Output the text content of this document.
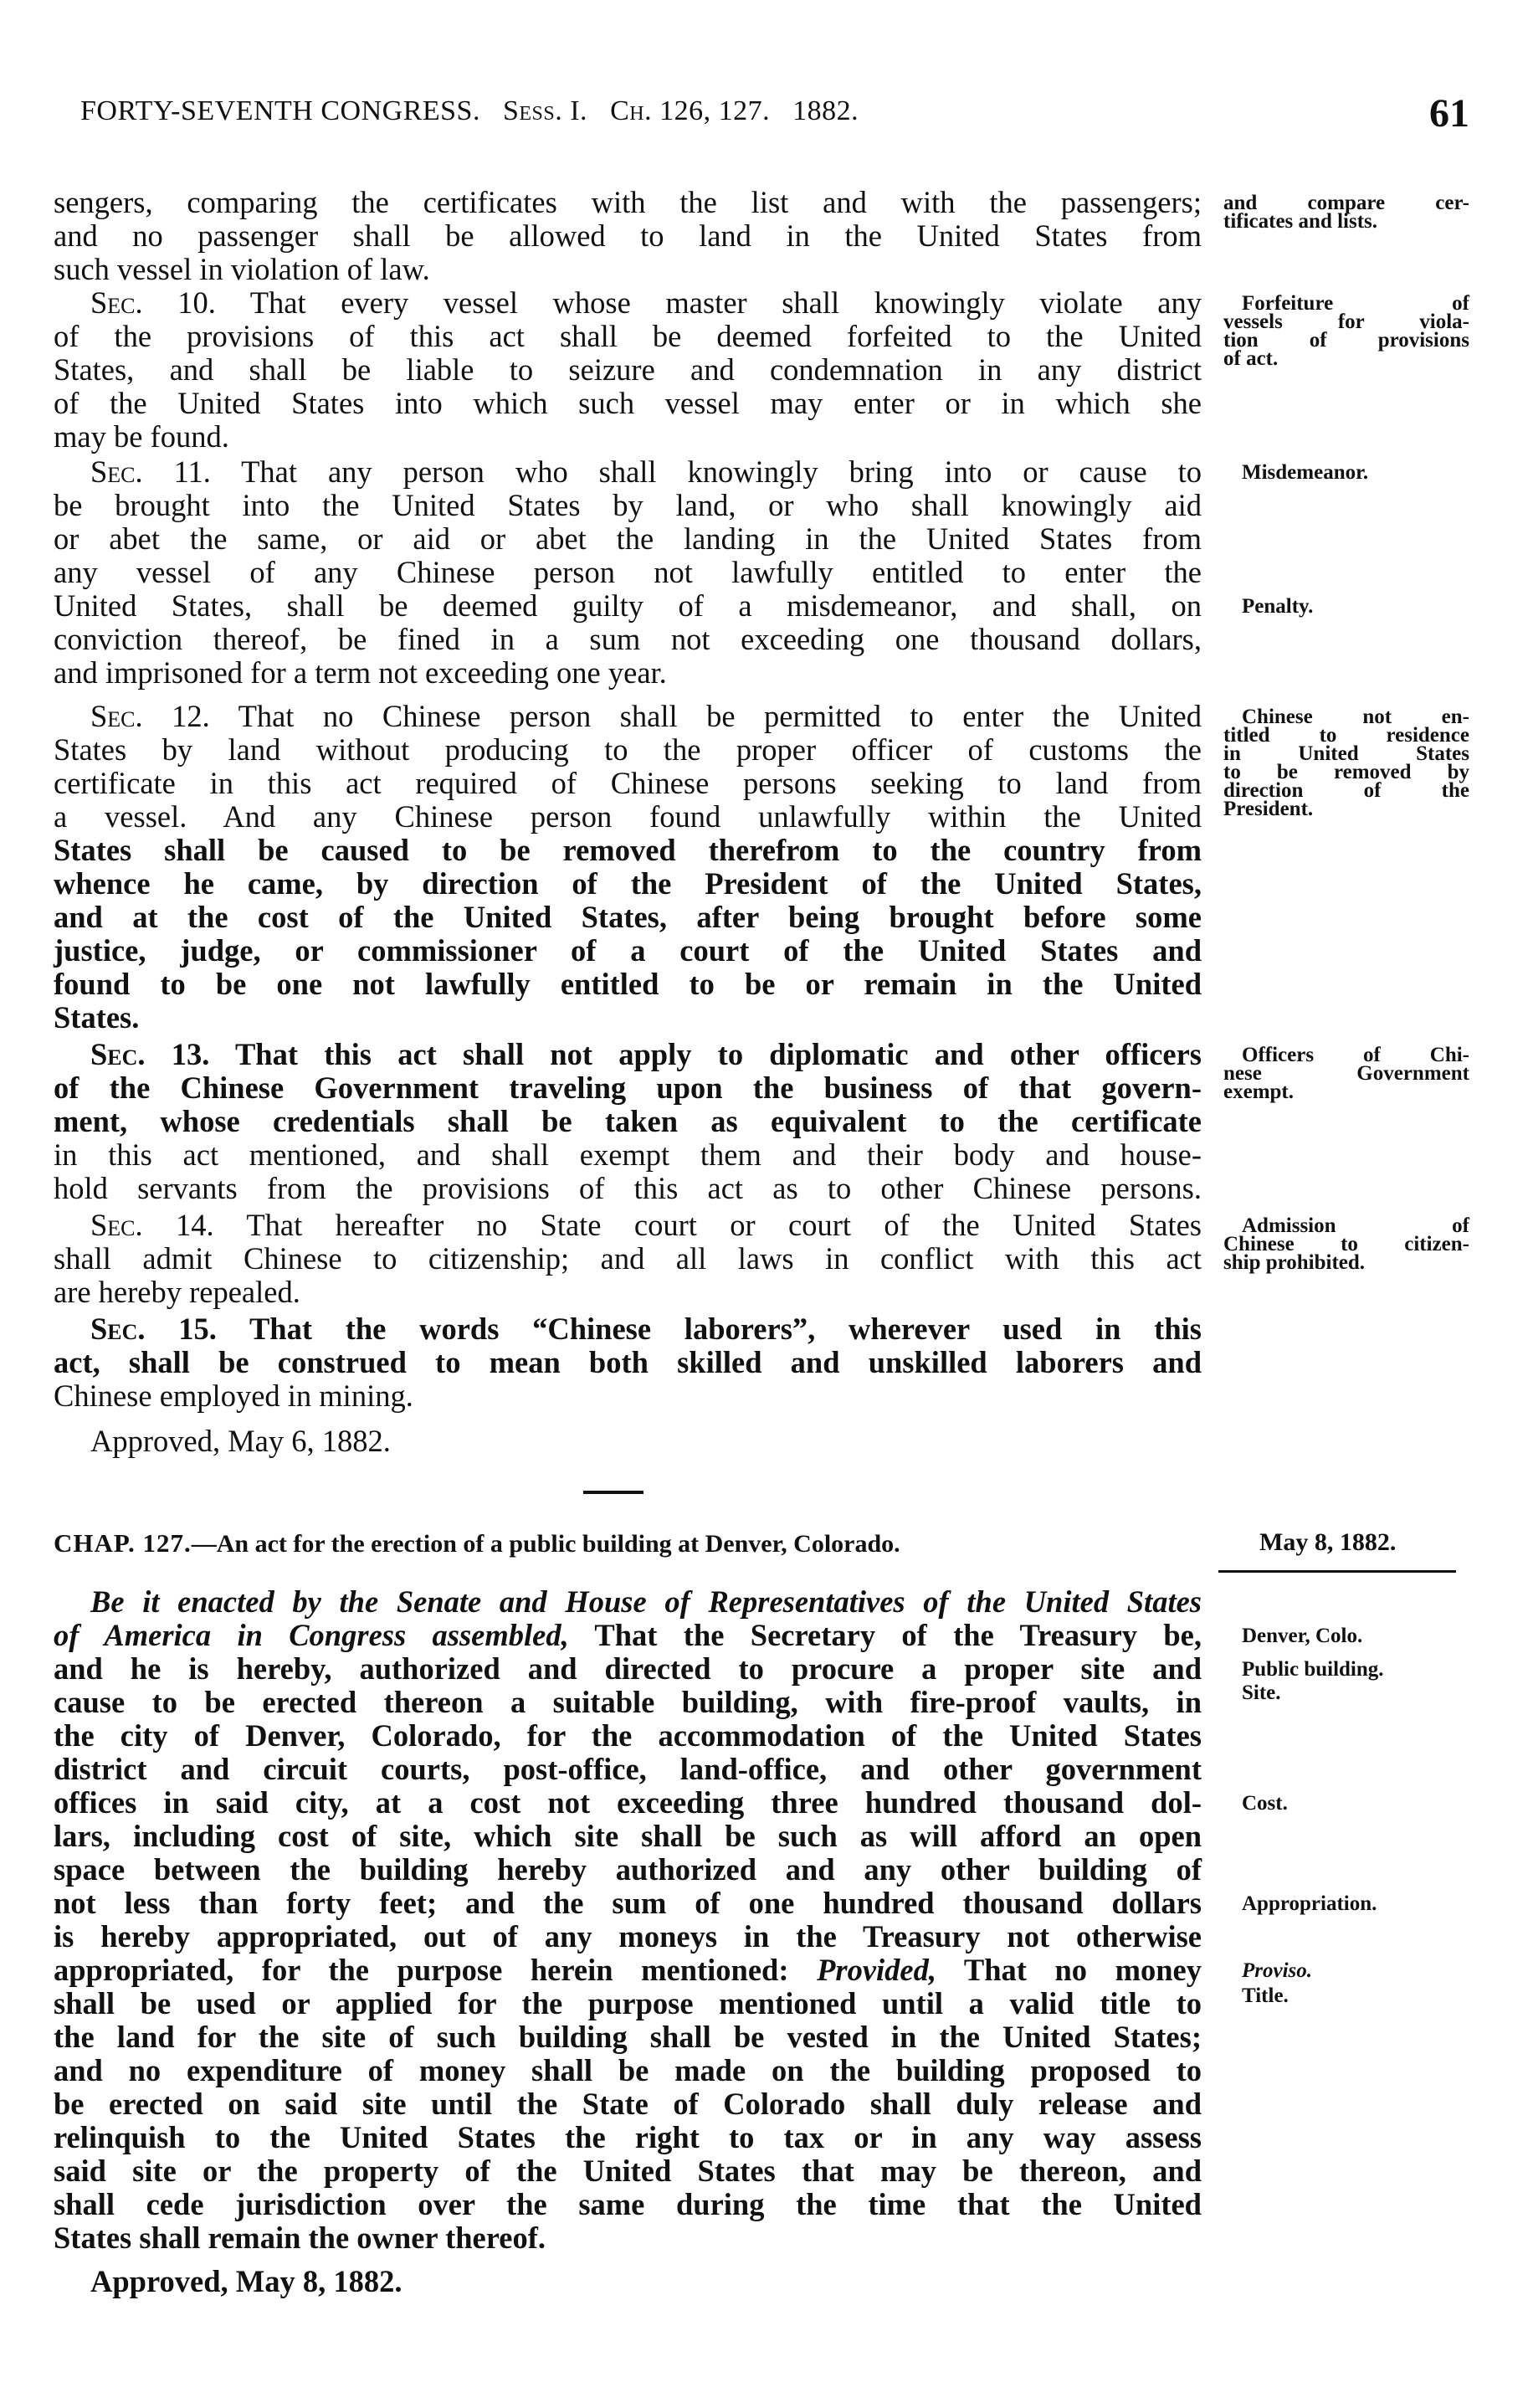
FORTY-SEVENTH CONGRESS. Sess. I. Ch. 126, 127. 1882.	61
sengers, comparing the certificates with the list and with the passengers;
and no passenger shall be allowed to land in the United States from
such vessel in violation of law.
Sec. 10. That every vessel whose master shall knowingly violate any
of the provisions of this act shall be deemed forfeited to the United
States, and shall be liable to seizure and condemnation in any district
of the United States into which such vessel may enter or in which she
may be found.
Sec. 11. That any person who shall knowingly bring into or cause to
be brought into the United States by land, or who shall knowingly aid
or abet the same, or aid or abet the landing in the United States from
any vessel of any Chinese person not lawfully entitled to enter the
United States, shall be deemed guilty of a misdemeanor, and shall, on
conviction thereof, be fined in a sum not exceeding one thousand dollars,
and imprisoned for a term not exceeding one year.
Sec. 12. That no Chinese person shall be permitted to enter the United
States by land without producing to the proper officer of customs the
certificate in this act required of Chinese persons seeking to land from
a vessel. And any Chinese person found unlawfully within the United
States shall be caused to be removed therefrom to the country from
whence he came, by direction of the President of the United States,
and at the cost of the United States, after being brought before some
justice, judge, or commissioner of a court of the United States and
found to be one not lawfully entitled to be or remain in the United
States.
Sec. 13. That this act shall not apply to diplomatic and other officers
of the Chinese Government traveling upon the business of that govern-
ment, whose credentials shall be taken as equivalent to the certificate
in this act mentioned, and shall exempt them and their body and house-
hold servants from the provisions of this act as to other Chinese persons.
Sec. 14. That hereafter no State court or court of the United States
shall admit Chinese to citizenship; and all laws in conflict with this act
are hereby repealed.
Sec. 15. That the words “Chinese laborers”, wherever used in this
act, shall be construed to mean both skilled and unskilled laborers and
Chinese employed in mining.
Approved, May 6, 1882.
and compare cer-
tificates and lists.
Forfeiture of
vessels for viola-
tion of provisions
of act.
Misdemeanor.
Penalty.
Chinese not en-
titled to residence
in United States
to be removed by
direction of the
President.
Officers of Chi-
nese Government
exempt.
Admission of
Chinese to citizen-
ship prohibited.
CHAP. 127.—An act for the erection of a public building at Denver, Colorado.	May 8, 1882.
Be it enacted by the Senate and House of Representatives of the United States
of America in Congress assembled, That the Secretary of the Treasury be,
and he is hereby, authorized and directed to procure a proper site and
cause to be erected thereon a suitable building, with fire-proof vaults, in
the city of Denver, Colorado, for the accommodation of the United States
district and circuit courts, post-office, land-office, and other government
offices in said city, at a cost not exceeding three hundred thousand dol-
lars, including cost of site, which site shall be such as will afford an open
space between the building hereby authorized and any other building of
not less than forty feet; and the sum of one hundred thousand dollars
is hereby appropriated, out of any moneys in the Treasury not otherwise
appropriated, for the purpose herein mentioned: Provided, That no money
shall be used or applied for the purpose mentioned until a valid title to
the land for the site of such building shall be vested in the United States;
and no expenditure of money shall be made on the building proposed to
be erected on said site until the State of Colorado shall duly release and
relinquish to the United States the right to tax or in any way assess
said site or the property of the United States that may be thereon, and
shall cede jurisdiction over the same during the time that the United
States shall remain the owner thereof.
Approved, May 8, 1882.
Denver, Colo.
Public building.
Site.
Cost.
Appropriation.
Proviso.
Title.
